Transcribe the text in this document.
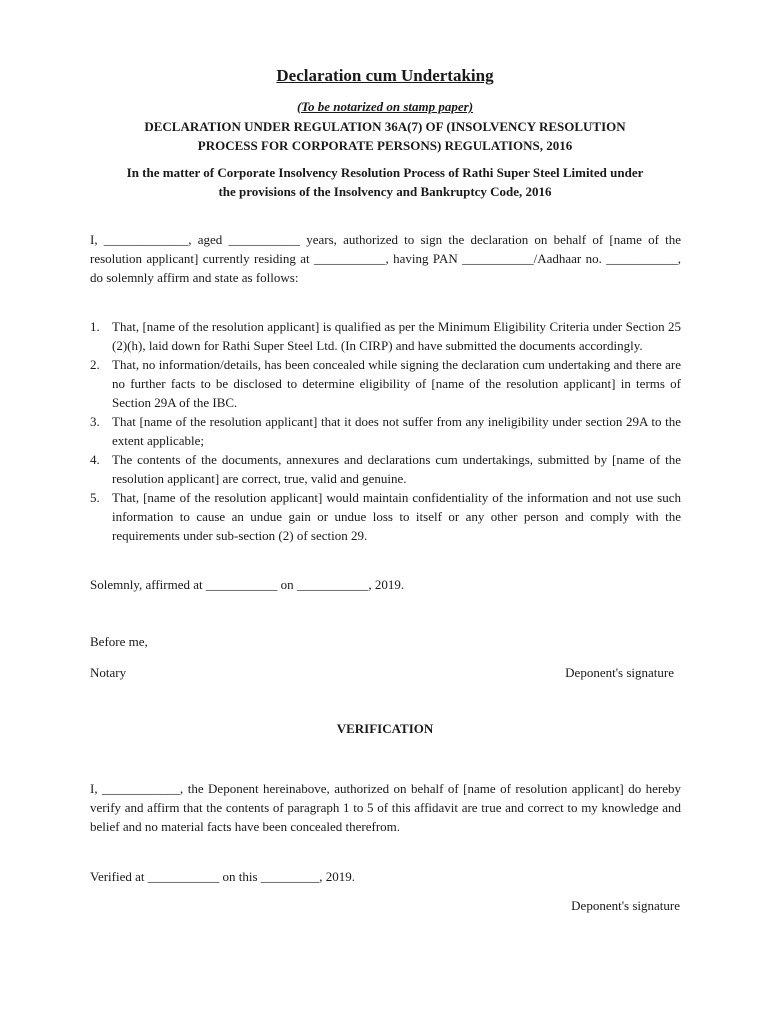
Declaration cum Undertaking
(To be notarized on stamp paper)
DECLARATION UNDER REGULATION 36A(7) OF (INSOLVENCY RESOLUTION
PROCESS FOR CORPORATE PERSONS) REGULATIONS, 2016
In the matter of Corporate Insolvency Resolution Process of Rathi Super Steel Limited under
the provisions of the Insolvency and Bankruptcy Code, 2016
I, _____________, aged ___________ years, authorized to sign the declaration on behalf of [name of the resolution applicant] currently residing at ___________, having PAN ___________/Aadhaar no. ___________, do solemnly affirm and state as follows:
1. That, [name of the resolution applicant] is qualified as per the Minimum Eligibility Criteria under Section 25 (2)(h), laid down for Rathi Super Steel Ltd. (In CIRP) and have submitted the documents accordingly.
2. That, no information/details, has been concealed while signing the declaration cum undertaking and there are no further facts to be disclosed to determine eligibility of [name of the resolution applicant] in terms of Section 29A of the IBC.
3. That [name of the resolution applicant] that it does not suffer from any ineligibility under section 29A to the extent applicable;
4. The contents of the documents, annexures and declarations cum undertakings, submitted by [name of the resolution applicant] are correct, true, valid and genuine.
5. That, [name of the resolution applicant] would maintain confidentiality of the information and not use such information to cause an undue gain or undue loss to itself or any other person and comply with the requirements under sub-section (2) of section 29.
Solemnly, affirmed at ___________ on ___________, 2019.
Before me,
Notary	Deponent's signature
VERIFICATION
I, ____________, the Deponent hereinabove, authorized on behalf of [name of resolution applicant] do hereby verify and affirm that the contents of paragraph 1 to 5 of this affidavit are true and correct to my knowledge and belief and no material facts have been concealed therefrom.
Verified at ___________ on this _________, 2019.
Deponent's signature
